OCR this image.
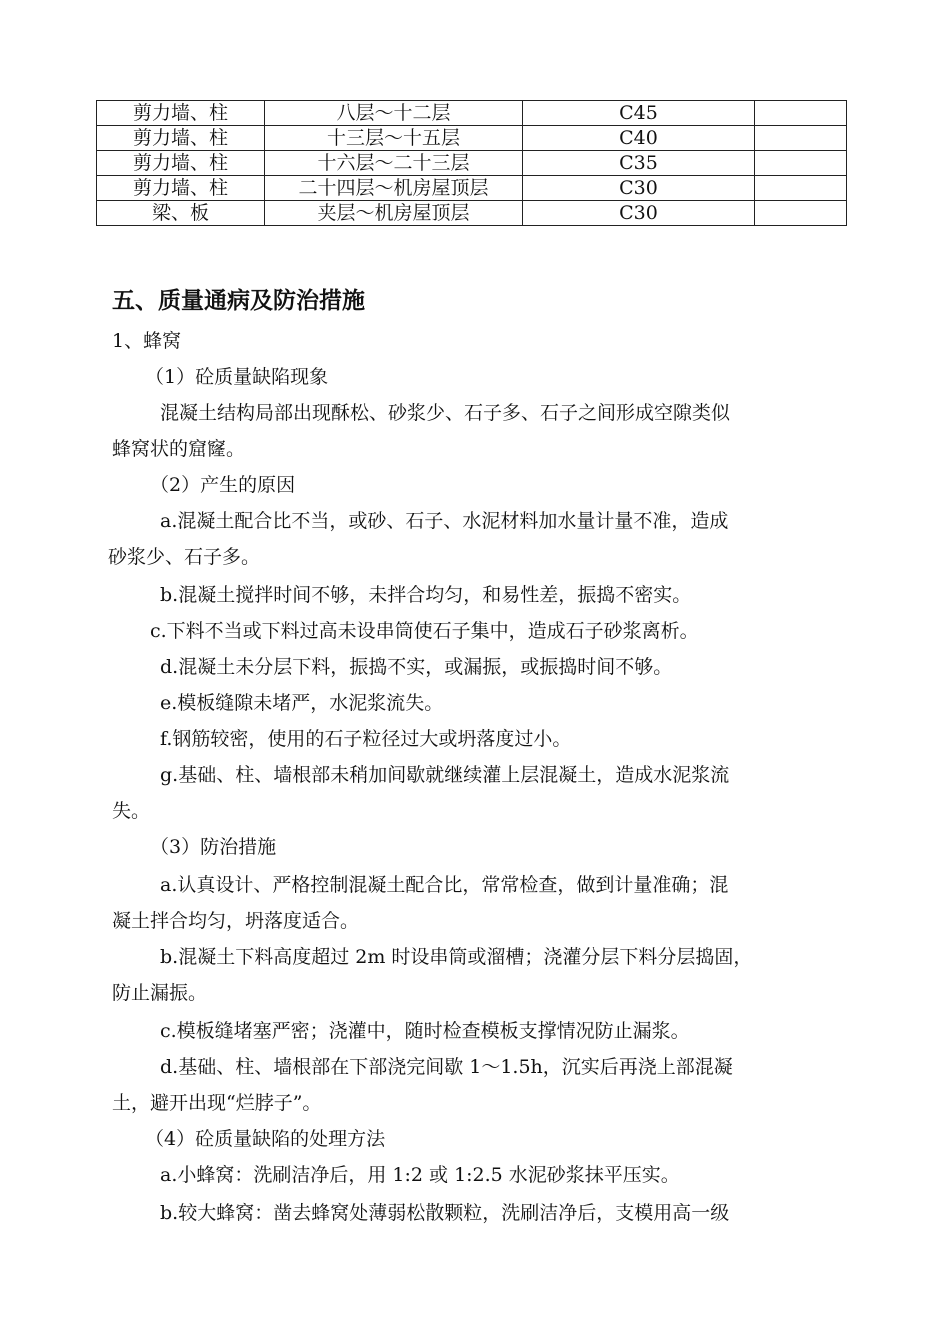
剪力墙、柱	八层～十二层	C45	
剪力墙、柱	十三层～十五层	C40	
剪力墙、柱	十六层～二十三层	C35	
剪力墙、柱	二十四层～机房屋顶层	C30	
梁、板	夹层～机房屋顶层	C30	
五、质量通病及防治措施
1、蜂窝
（1）砼质量缺陷现象
混凝土结构局部出现酥松、砂浆少、石子多、石子之间形成空隙类似
蜂窝状的窟窿。
（2）产生的原因
a.混凝土配合比不当，或砂、石子、水泥材料加水量计量不准，造成
砂浆少、石子多。
b.混凝土搅拌时间不够，未拌合均匀，和易性差，振捣不密实。
c.下料不当或下料过高未设串筒使石子集中，造成石子砂浆离析。
d.混凝土未分层下料，振捣不实，或漏振，或振捣时间不够。
e.模板缝隙未堵严，水泥浆流失。
f.钢筋较密，使用的石子粒径过大或坍落度过小。
g.基础、柱、墙根部未稍加间歇就继续灌上层混凝土，造成水泥浆流
失。
（3）防治措施
a.认真设计、严格控制混凝土配合比，常常检查，做到计量准确；混
凝土拌合均匀，坍落度适合。
b.混凝土下料高度超过 2m 时设串筒或溜槽；浇灌分层下料分层捣固，
防止漏振。
c.模板缝堵塞严密；浇灌中，随时检查模板支撑情况防止漏浆。
d.基础、柱、墙根部在下部浇完间歇 1～1.5h，沉实后再浇上部混凝
土，避开出现“烂脖子”。
（4）砼质量缺陷的处理方法
a.小蜂窝：洗刷洁净后，用 1:2 或 1:2.5 水泥砂浆抹平压实。
b.较大蜂窝：凿去蜂窝处薄弱松散颗粒，洗刷洁净后，支模用高一级
